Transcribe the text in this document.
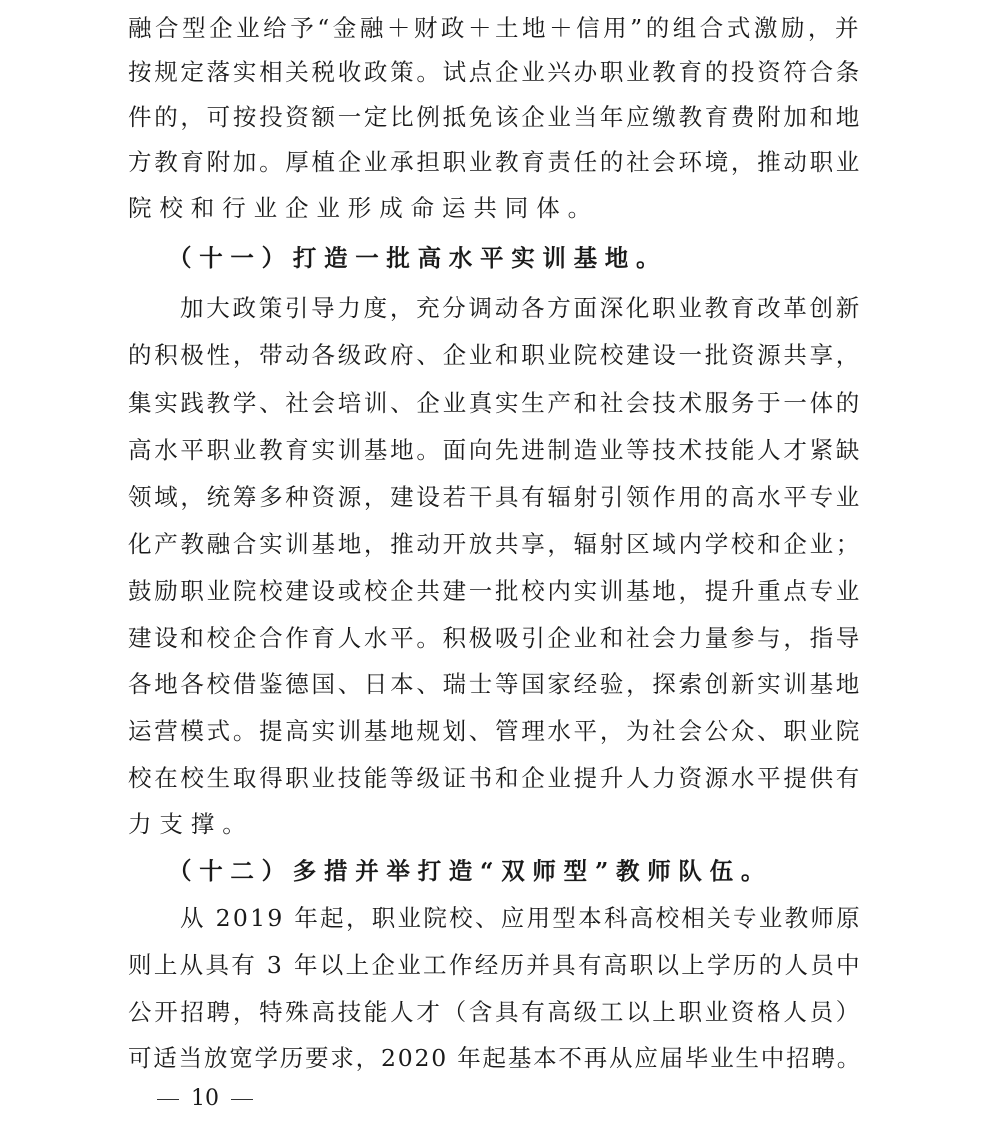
融合型企业给予“金融＋财政＋土地＋信用”的组合式激励，并
按规定落实相关税收政策。试点企业兴办职业教育的投资符合条
件的，可按投资额一定比例抵免该企业当年应缴教育费附加和地
方教育附加。厚植企业承担职业教育责任的社会环境，推动职业
院校和行业企业形成命运共同体。
（十一）打造一批高水平实训基地。
加大政策引导力度，充分调动各方面深化职业教育改革创新
的积极性，带动各级政府、企业和职业院校建设一批资源共享，
集实践教学、社会培训、企业真实生产和社会技术服务于一体的
高水平职业教育实训基地。面向先进制造业等技术技能人才紧缺
领域，统筹多种资源，建设若干具有辐射引领作用的高水平专业
化产教融合实训基地，推动开放共享，辐射区域内学校和企业；
鼓励职业院校建设或校企共建一批校内实训基地，提升重点专业
建设和校企合作育人水平。积极吸引企业和社会力量参与，指导
各地各校借鉴德国、日本、瑞士等国家经验，探索创新实训基地
运营模式。提高实训基地规划、管理水平，为社会公众、职业院
校在校生取得职业技能等级证书和企业提升人力资源水平提供有
力支撑。
（十二）多措并举打造“双师型”教师队伍。
从 2019 年起，职业院校、应用型本科高校相关专业教师原
则上从具有 3 年以上企业工作经历并具有高职以上学历的人员中
公开招聘，特殊高技能人才（含具有高级工以上职业资格人员）
可适当放宽学历要求，2020 年起基本不再从应届毕业生中招聘。
10
